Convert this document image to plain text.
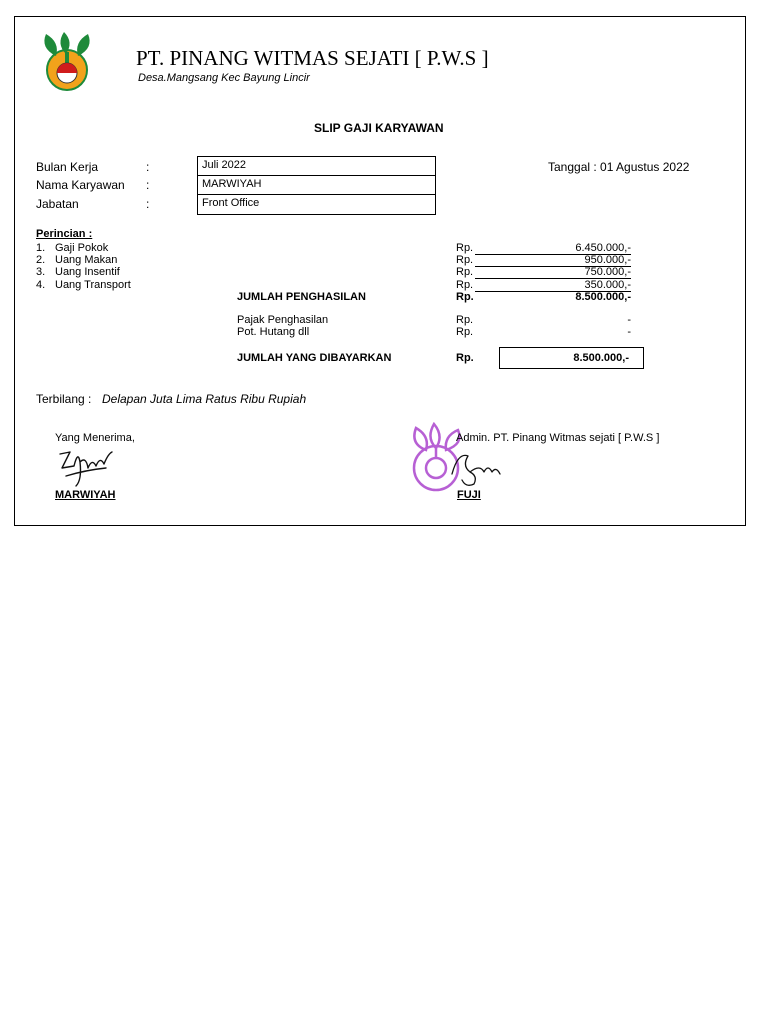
PT. PINANG WITMAS SEJATI [ P.W.S ]
Desa.Mangsang Kec Bayung Lincir
SLIP GAJI KARYAWAN
Bulan Kerja	:	Juli 2022
Nama Karyawan :	MARWIYAH
Jabatan	:	Front Office
Tanggal : 01 Agustus 2022
Perincian :
1. Gaji Pokok	Rp.	6.450.000,-
2. Uang Makan	Rp.	950.000,-
3. Uang Insentif	Rp.	750.000,-
4. Uang Transport	Rp.	350.000,-
JUMLAH PENGHASILAN	Rp.	8.500.000,-
Pajak Penghasilan	Rp.	-
Pot. Hutang dll	Rp.	-
JUMLAH YANG DIBAYARKAN	Rp.	8.500.000,-
Terbilang : Delapan Juta Lima Ratus Ribu Rupiah
Yang Menerima,
MARWIYAH
Admin. PT. Pinang Witmas sejati [ P.W.S ]
FUJI
